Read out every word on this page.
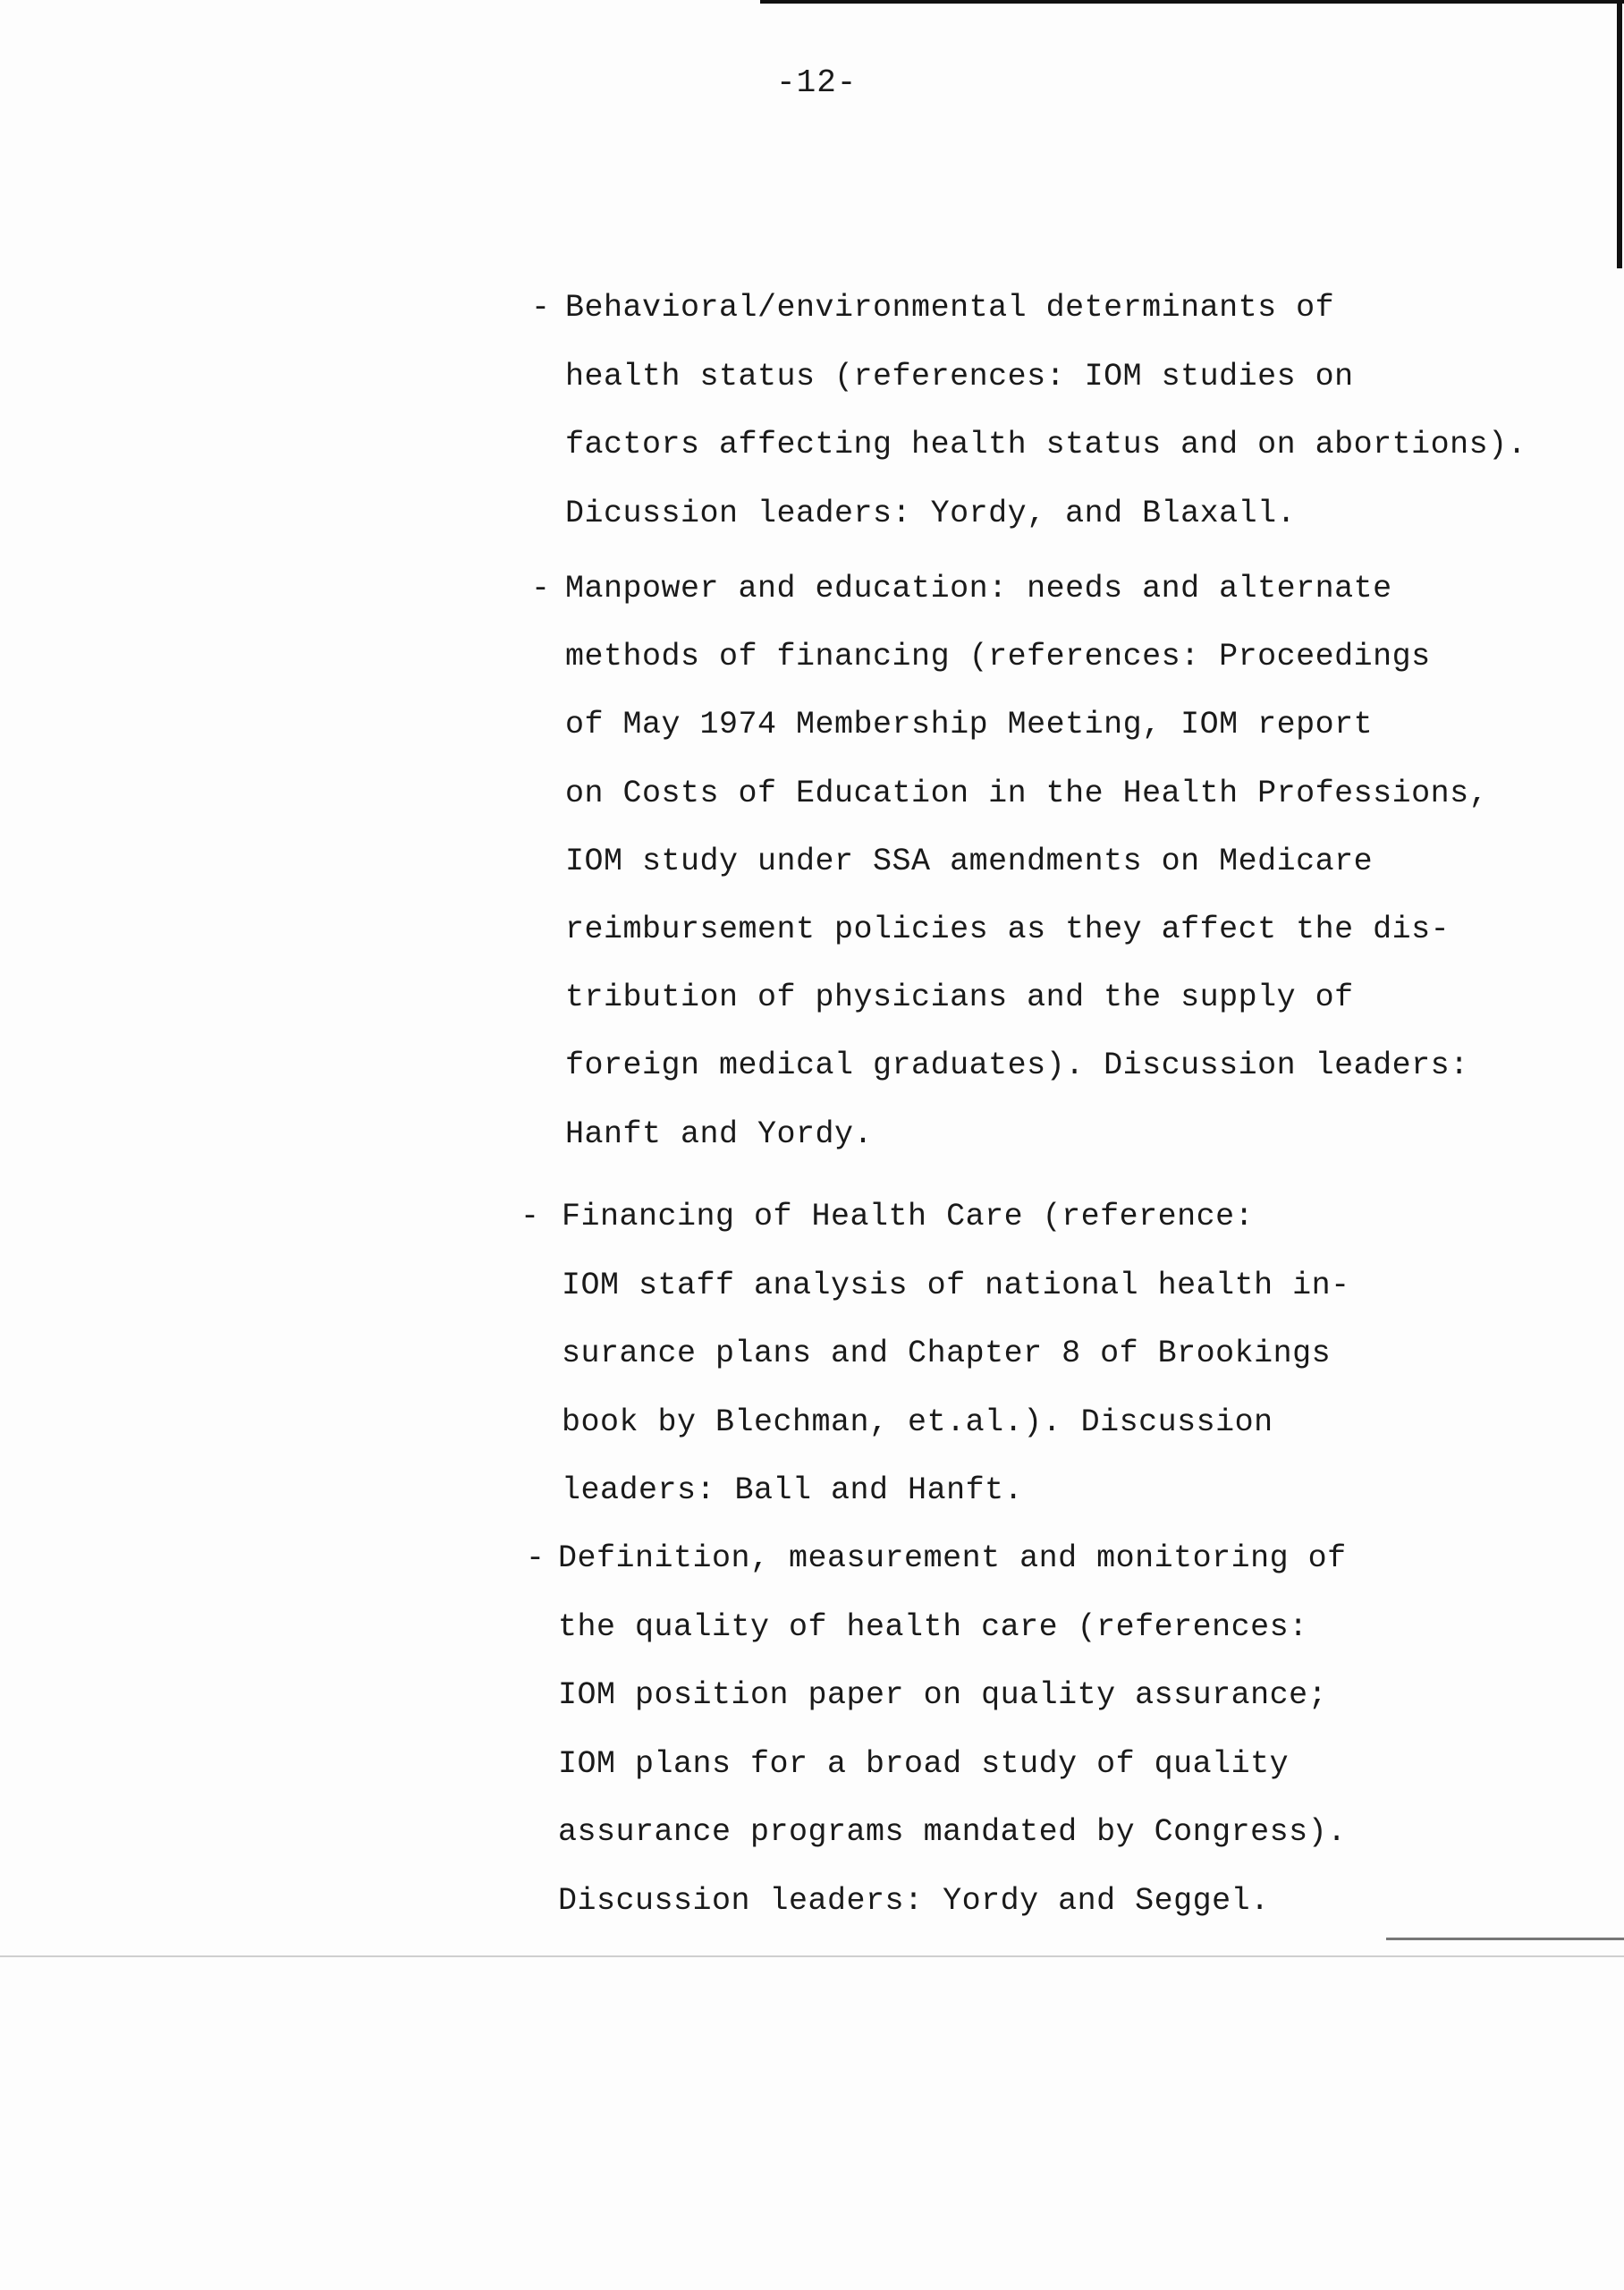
-12-
- Behavioral/environmental determinants of
health status (references: IOM studies on
factors affecting health status and on abortions).
Dicussion leaders: Yordy, and Blaxall.
- Manpower and education: needs and alternate
methods of financing (references: Proceedings
of May 1974 Membership Meeting, IOM report
on Costs of Education in the Health Professions,
IOM study under SSA amendments on Medicare
reimbursement policies as they affect the dis-
tribution of physicians and the supply of
foreign medical graduates). Discussion leaders:
Hanft and Yordy.
- Financing of Health Care (reference:
IOM staff analysis of national health in-
surance plans and Chapter 8 of Brookings
book by Blechman, et.al.). Discussion
leaders: Ball and Hanft.
- Definition, measurement and monitoring of
the quality of health care (references:
IOM position paper on quality assurance;
IOM plans for a broad study of quality
assurance programs mandated by Congress).
Discussion leaders: Yordy and Seggel.
